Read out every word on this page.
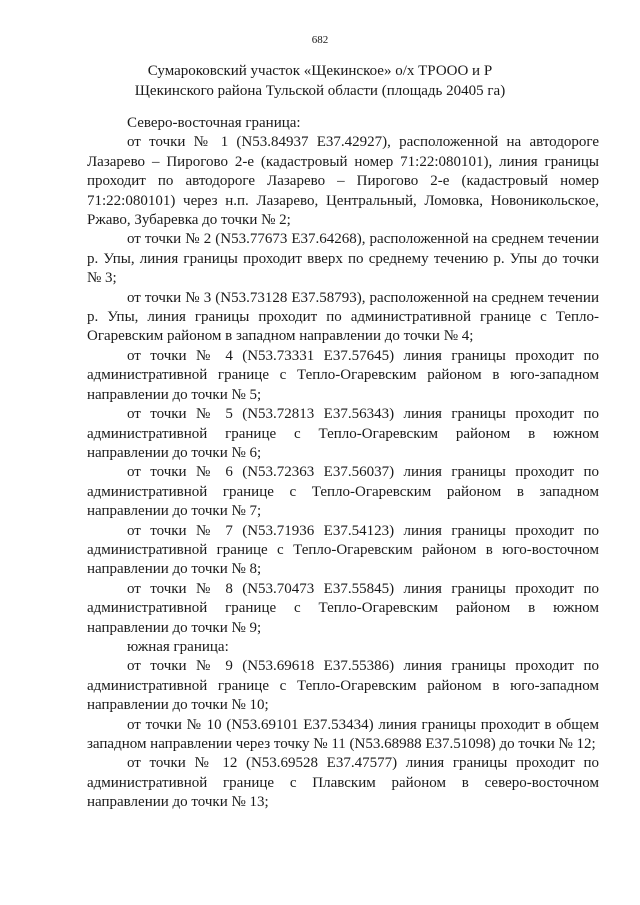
682
Сумароковский участок «Щекинское» о/х ТРООО и Р
Щекинского района Тульской области (площадь 20405 га)

Северо-восточная граница:

от точки № 1 (N53.84937 E37.42927), расположенной на автодороге Лазарево – Пирогово 2-е (кадастровый номер 71:22:080101), линия границы проходит по автодороге Лазарево – Пирогово 2-е (кадастровый номер 71:22:080101) через н.п. Лазарево, Центральный, Ломовка, Новоникольское, Ржаво, Зубаревка до точки № 2;

от точки № 2 (N53.77673 E37.64268), расположенной на среднем течении р. Упы, линия границы проходит вверх по среднему течению р. Упы до точки № 3;

от точки № 3 (N53.73128 E37.58793), расположенной на среднем течении р. Упы, линия границы проходит по административной границе с Тепло-Огаревским районом в западном направлении до точки № 4;

от точки № 4 (N53.73331 E37.57645) линия границы проходит по административной границе с Тепло-Огаревским районом в юго-западном направлении до точки № 5;

от точки № 5 (N53.72813 E37.56343) линия границы проходит по административной границе с Тепло-Огаревским районом в южном направлении до точки № 6;

от точки № 6 (N53.72363 E37.56037) линия границы проходит по административной границе с Тепло-Огаревским районом в западном направлении до точки № 7;

от точки № 7 (N53.71936 E37.54123) линия границы проходит по административной границе с Тепло-Огаревским районом в юго-восточном направлении до точки № 8;

от точки № 8 (N53.70473 E37.55845) линия границы проходит по административной границе с Тепло-Огаревским районом в южном направлении до точки № 9;

южная граница:

от точки № 9 (N53.69618 E37.55386) линия границы проходит по административной границе с Тепло-Огаревским районом в юго-западном направлении до точки № 10;

от точки № 10 (N53.69101 E37.53434) линия границы проходит в общем западном направлении через точку № 11 (N53.68988 E37.51098) до точки № 12;

от точки № 12 (N53.69528 E37.47577) линия границы проходит по административной границе с Плавским районом в северо-восточном направлении до точки № 13;
